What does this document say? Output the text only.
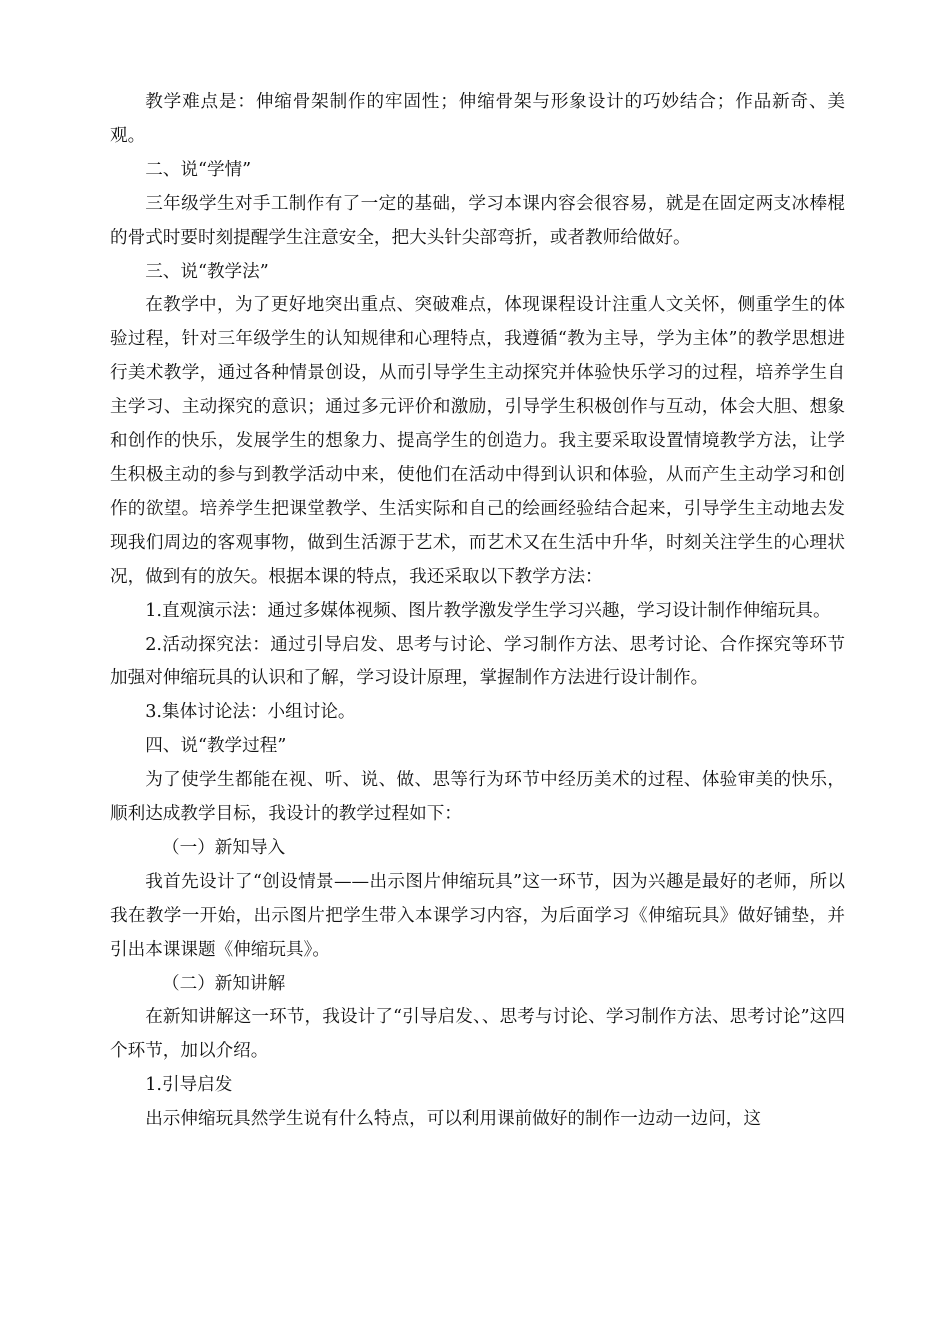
教学难点是：伸缩骨架制作的牢固性；伸缩骨架与形象设计的巧妙结合；作品新奇、美观。

二、说“学情”

三年级学生对手工制作有了一定的基础，学习本课内容会很容易，就是在固定两支冰棒棍的骨式时要时刻提醒学生注意安全，把大头针尖部弯折，或者教师给做好。

三、说“教学法”

在教学中，为了更好地突出重点、突破难点，体现课程设计注重人文关怀，侧重学生的体验过程，针对三年级学生的认知规律和心理特点，我遵循“教为主导，学为主体”的教学思想进行美术教学，通过各种情景创设，从而引导学生主动探究并体验快乐学习的过程，培养学生自主学习、主动探究的意识；通过多元评价和激励，引导学生积极创作与互动，体会大胆、想象和创作的快乐，发展学生的想象力、提高学生的创造力。我主要采取设置情境教学方法，让学生积极主动的参与到教学活动中来，使他们在活动中得到认识和体验，从而产生主动学习和创作的欲望。培养学生把课堂教学、生活实际和自己的绘画经验结合起来，引导学生主动地去发现我们周边的客观事物，做到生活源于艺术，而艺术又在生活中升华，时刻关注学生的心理状况，做到有的放矢。根据本课的特点，我还采取以下教学方法：

1.直观演示法：通过多媒体视频、图片教学激发学生学习兴趣，学习设计制作伸缩玩具。

2.活动探究法：通过引导启发、思考与讨论、学习制作方法、思考讨论、合作探究等环节加强对伸缩玩具的认识和了解，学习设计原理，掌握制作方法进行设计制作。

3.集体讨论法：小组讨论。

四、说“教学过程”

为了使学生都能在视、听、说、做、思等行为环节中经历美术的过程、体验审美的快乐，顺利达成教学目标，我设计的教学过程如下：

（一）新知导入

我首先设计了“创设情景——出示图片伸缩玩具”这一环节，因为兴趣是最好的老师，所以我在教学一开始，出示图片把学生带入本课学习内容，为后面学习《伸缩玩具》做好铺垫，并引出本课课题《伸缩玩具》。

（二）新知讲解

在新知讲解这一环节，我设计了“引导启发、、思考与讨论、学习制作方法、思考讨论”这四个环节，加以介绍。

1.引导启发

出示伸缩玩具然学生说有什么特点，可以利用课前做好的制作一边动一边问，这
